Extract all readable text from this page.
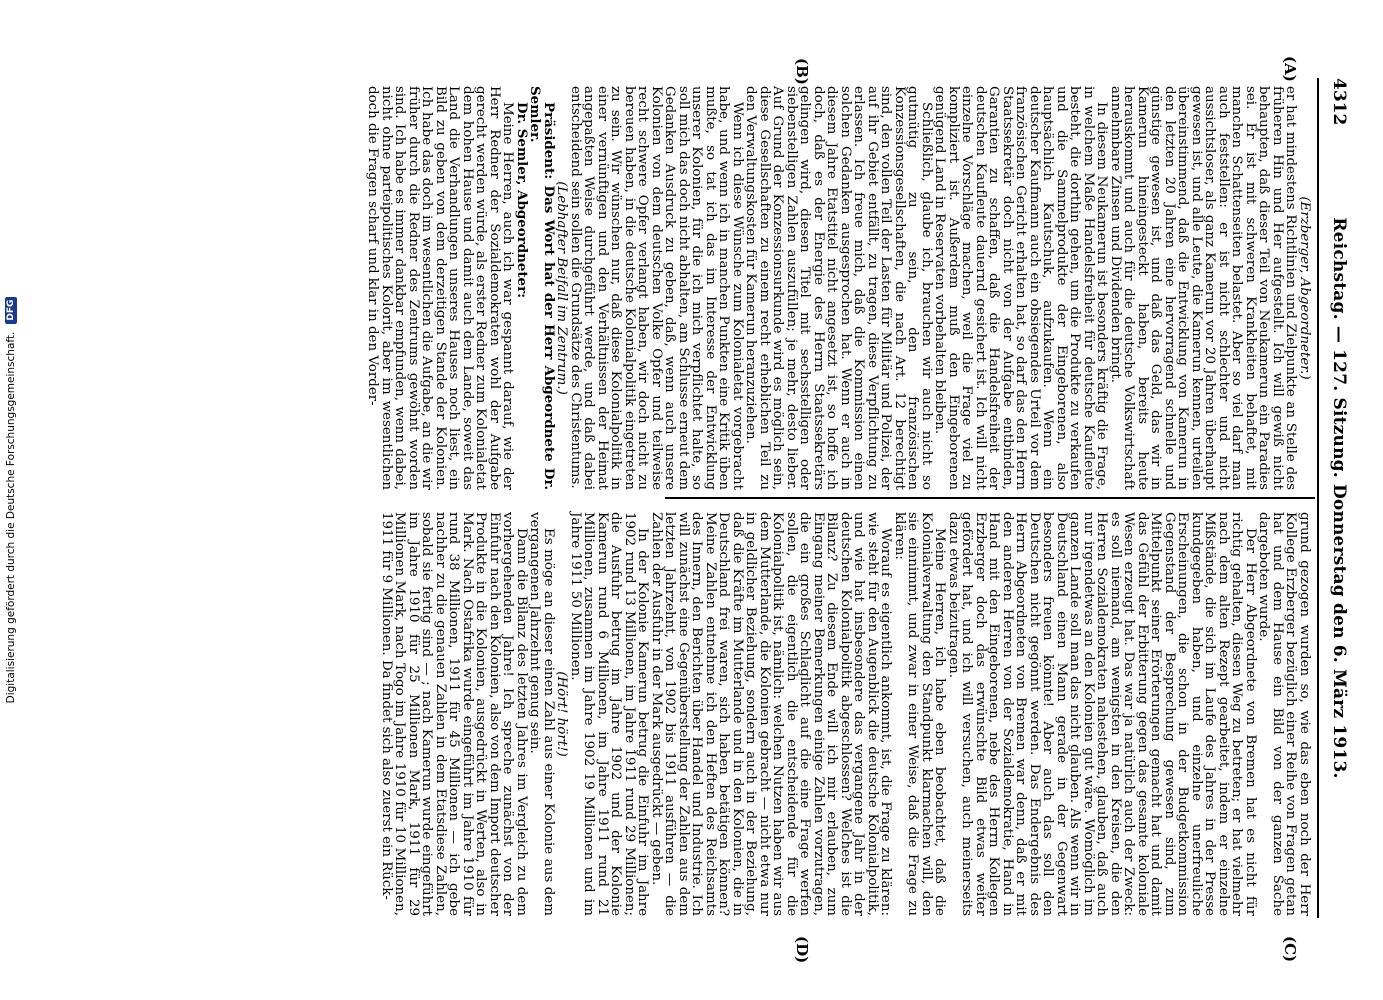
4312
Reichstag. — 127. Sitzung. Donnerstag den 6. März 1913.
(A)
(B)
(C)
(D)

(Erzberger, Abgeordneter.)

er hat mindestens Richtlinien und Zielpunkte an Stelle des früheren Hin und Her aufgestellt. Ich will gewiß nicht behaupten, daß dieser Teil von Neukamerun ein Paradies sei. Er ist mit schweren Krankheiten behaftet, mit manchen Schattenseiten belastet. Aber so viel darf man auch feststellen: er ist nicht schlechter und nicht aussichtsloser, als ganz Kamerun vor 20 Jahren überhaupt gewesen ist, und alle Leute, die Kamerun kennen, urteilen übereinstimmend, daß die Entwicklung von Kamerun in den letzten 20 Jahren eine hervorragend schnelle und günstige gewesen ist, und daß das Geld, das wir in Kamerun hineingesteckt haben, bereits heute herauskommt und auch für die deutsche Volkswirtschaft annehmbare Zinsen und Dividenden bringt.

In diesem Neukamerun ist besonders kräftig die Frage, in welchem Maße Handelsfreiheit für deutsche Kaufleute besteht, die dorthin gehen, um die Produkte zu verkaufen und die Sammelprodukte der Eingeborenen, also hauptsächlich Kautschuk, aufzukaufen. Wenn ein deutscher Kaufmann auch ein obsiegendes Urteil vor dem französischen Gericht erhalten hat, so darf das den Herrn Staatssekretär doch nicht von der Aufgabe entbinden, Garantien zu schaffen, daß die Handelsfreiheit der deutschen Kaufleute dauernd gesichert ist. Ich will nicht einzelne Vorschläge machen, weil die Frage viel zu kompliziert ist. Außerdem muß den Eingeborenen genügend Land in Reservaten vorbehalten bleiben.

Schließlich, glaube ich, brauchen wir auch nicht so gutmütig zu sein, den französischen Konzessionsgesellschaften, die nach Art. 12 berechtigt sind, den vollen Teil der Lasten für Militär und Polizei, der auf ihr Gebiet entfällt, zu tragen, diese Verpflichtung zu erlassen. Ich freue mich, daß die Kommission einen solchen Gedanken ausgesprochen hat. Wenn er auch in diesem Jahre Etatstitel nicht angesetzt ist, so hoffe ich doch, daß es der Energie des Herrn Staatssekretärs gelingen wird, diesen Titel mit sechsstelligen oder siebenstelligen Zahlen auszufüllen; je mehr, desto lieber. Auf Grund der Konzessionsurkunde wird es möglich sein, diese Gesellschaften zu einem recht erheblichen Teil zu den Verwaltungskosten für Kamerun heranzuziehen.

Wenn ich diese Wünsche zum Kolonialetat vorgebracht habe, und wenn ich in manchen Punkten eine Kritik üben mußte, so tat ich das im Interesse der Entwicklung unserer Kolonien, für die ich mich verpflichtet halte, so soll mich das doch nicht abhalten, am Schlusse erneut dem Gedanken Ausdruck zu geben, daß, wenn auch unsere Kolonien von dem deutschen Volke Opfer und teilweise recht schwere Opfer verlangt haben, wir doch nicht zu bereuen haben, in die deutsche Kolonialpolitik eingetreten zu sein. Wir wünschen nur, daß diese Kolonialpolitik in einer vernünftigen und den Verhältnissen der Heimat angepaßten Weise durchgeführt werde, und daß dabei entscheidend sein sollen die Grundsätze des Christentums.

(Lebhafter Beifall im Zentrum.)

Präsident: Das Wort hat der Herr Abgeordnete Dr. Semler.

Dr. Semler, Abgeordneter:

Meine Herren, auch ich war gespannt darauf, wie der Herr Redner der Sozialdemokraten wohl der Aufgabe gerecht werden würde, als erster Redner zum Kolonialetat dem hohen Hause und damit auch dem Lande, soweit das Land die Verhandlungen unseres Hauses noch liest, ein Bild zu geben von dem derzeitigen Stande der Kolonien. Ich habe das doch im wesentlichen die Aufgabe, an die wir früher durch die Redner des Zentrums gewöhnt worden sind. Ich habe es immer dankbar empfunden, wenn dabei, nicht ohne parteipolitisches Kolorit, aber im wesentlichen doch die Fragen scharf und klar in den Vorder-

grund gezogen wurden so, wie das eben noch der Herr Kollege Erzberger bezüglich einer Reihe von Fragen getan hat und dem Hause ein Bild von der ganzen Sache dargeboten wurde.

Der Herr Abgeordnete von Bremen hat es nicht für richtig gehalten, diesen Weg zu betreten; er hat vielmehr nach dem alten Rezept gearbeitet, indem er einzelne Mißstände, die sich im Laufe des Jahres in der Presse kundgegeben haben, und einzelne unerfreuliche Erscheinungen, die schon in der Budgetkommission Gegenstand der Besprechung gewesen sind, zum Mittelpunkt seiner Erörterungen gemacht hat und damit das Gefühl der Erbitterung gegen das gesamte koloniale Wesen erzeugt hat. Das war ja natürlich auch der Zweck: es soll niemand, am wenigsten in den Kreisen, die den Herren Sozialdemokraten nahestehen, glauben, daß auch nur irgendetwas an den Kolonien gut wäre. Womöglich im ganzen Lande soll man das nicht glauben. Als wenn wir in Deutschland einen Mann gerade in der Gegenwart besonders freuen könnte! Aber auch das soll den Deutschen nicht gegönnt werden. Das Endergebnis des Herrn Abgeordneten von Bremen war denn, daß er mit den anderen Herren von der Sozialdemokratie, Hand in Hand mit den Eingeborenen, nebe des Herrn Kollegen Erzberger doch das erwünschte Bild etwas weiter gefördert hat, und ich will versuchen, auch meinerseits dazu etwas beizutragen.

Meine Herren, ich habe eben beobachtet, daß die Kolonialverwaltung den Standpunkt klarmachen will, den sie einnimmt, und zwar in einer Weise, daß die Frage zu klären:

Worauf es eigentlich ankommt, ist, die Frage zu klären: wie steht für den Augenblick die deutsche Kolonialpolitik, und wie hat insbesondere das vergangene Jahr in der deutschen Kolonialpolitik abgeschlossen? Welches ist die Bilanz? Zu diesem Ende will ich mir erlauben, zum Eingang meiner Bemerkungen einige Zahlen vorzutragen, die ein großes Schlaglicht auf die eine Frage werfen sollen, die eigentlich die entscheidende für die Kolonialpolitik ist, nämlich: welchen Nutzen haben wir aus dem Mutterlande, die Kolonien gebracht — nicht etwa nur in geldlicher Beziehung, sondern auch in der Beziehung, daß die Kräfte im Mutterlande und in den Kolonien, die in Deutschland frei waren, sich haben betätigen können? Meine Zahlen entnehme ich den Heften des Reichsamts des Innern, den Berichten über Handel und Industrie. Ich will zunächst eine Gegenüberstellung der Zahlen aus dem letzten Jahrzehnt, von 1902 bis 1911 ausführen — die Zahlen der Ausfuhr in der Mark ausgedrückt — geben.

In der Kolonie Kamerun betrug die Einfuhr im Jahre 1902 rund 13 Millionen, im Jahre 1911 rund 29 Millionen; die Ausfuhr betrug im Jahre 1902 und der Kolonie Kamerun rund 6 Millionen, im Jahre 1911 rund 21 Millionen, zusammen im Jahre 1902 19 Millionen und im Jahre 1911 50 Millionen.

(Hört! hört!)

Es möge an dieser einen Zahl aus einer Kolonie aus dem vergangenen Jahrzehnt genug sein.

Dann die Bilanz des letzten Jahres im Vergleich zu dem vorhergehenden Jahre! Ich spreche zunächst von der Einfuhr nach den Kolonien, also von dem Import deutscher Produkte in die Kolonien, ausgedrückt in Werten, also in Mark. Nach Ostafrika wurde eingeführt im Jahre 1910 für rund 38 Millionen, 1911 für 45 Millionen — ich gebe nachher zu die genauen Zahlen in dem Etatsdiese Zahlen, sobald sie fertig sind — ; nach Kamerun wurde eingeführt im Jahre 1910 für 25 Millionen Mark, 1911 für 29 Millionen Mark, nach Togo im Jahre 1910 für 10 Millionen, 1911 für 9 Millionen. Da findet sich also zuerst ein Rück-

Digitalisierung gefördert durch die Deutsche Forschungsgemeinschaft.
DFG
